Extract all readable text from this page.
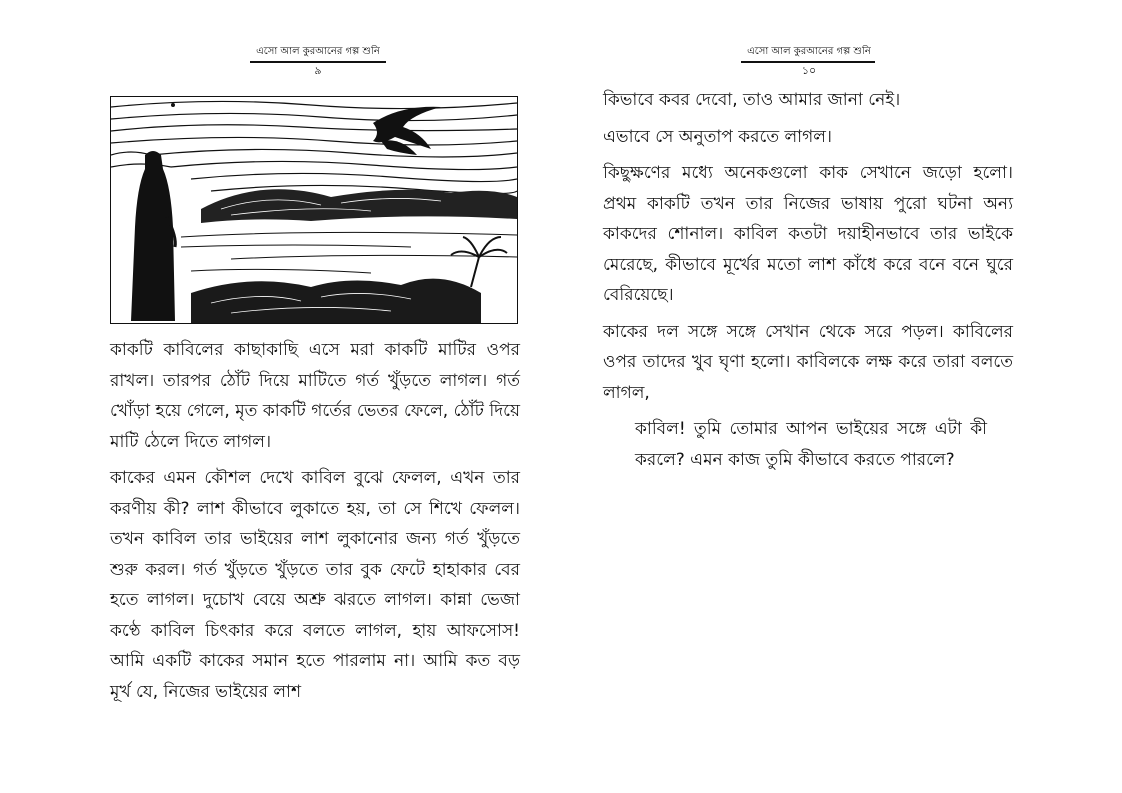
এসো আল কুরআনের গল্প শুনি
৯

কাকটি কাবিলের কাছাকাছি এসে মরা কাকটি মাটির ওপর রাখল। তারপর ঠোঁট দিয়ে মাটিতে গর্ত খুঁড়তে লাগল। গর্ত খোঁড়া হয়ে গেলে, মৃত কাকটি গর্তের ভেতর ফেলে, ঠোঁট দিয়ে মাটি ঠেলে দিতে লাগল।

কাকের এমন কৌশল দেখে কাবিল বুঝে ফেলল, এখন তার করণীয় কী? লাশ কীভাবে লুকাতে হয়, তা সে শিখে ফেলল। তখন কাবিল তার ভাইয়ের লাশ লুকানোর জন্য গর্ত খুঁড়তে শুরু করল। গর্ত খুঁড়তে খুঁড়তে তার বুক ফেটে হাহাকার বের হতে লাগল। দুচোখ বেয়ে অশ্রু ঝরতে লাগল। কান্না ভেজা কণ্ঠে কাবিল চিৎকার করে বলতে লাগল, হায় আফসোস! আমি একটি কাকের সমান হতে পারলাম না। আমি কত বড় মূর্খ যে, নিজের ভাইয়ের লাশ

এসো আল কুরআনের গল্প শুনি
১০

কিভাবে কবর দেবো, তাও আমার জানা নেই।

এভাবে সে অনুতাপ করতে লাগল।

কিছুক্ষণের মধ্যে অনেকগুলো কাক সেখানে জড়ো হলো। প্রথম কাকটি তখন তার নিজের ভাষায় পুরো ঘটনা অন্য কাকদের শোনাল। কাবিল কতটা দয়াহীনভাবে তার ভাইকে মেরেছে, কীভাবে মূর্খের মতো লাশ কাঁধে করে বনে বনে ঘুরে বেরিয়েছে।

কাকের দল সঙ্গে সঙ্গে সেখান থেকে সরে পড়ল। কাবিলের ওপর তাদের খুব ঘৃণা হলো। কাবিলকে লক্ষ করে তারা বলতে লাগল,

কাবিল! তুমি তোমার আপন ভাইয়ের সঙ্গে এটা কী করলে? এমন কাজ তুমি কীভাবে করতে পারলে?
